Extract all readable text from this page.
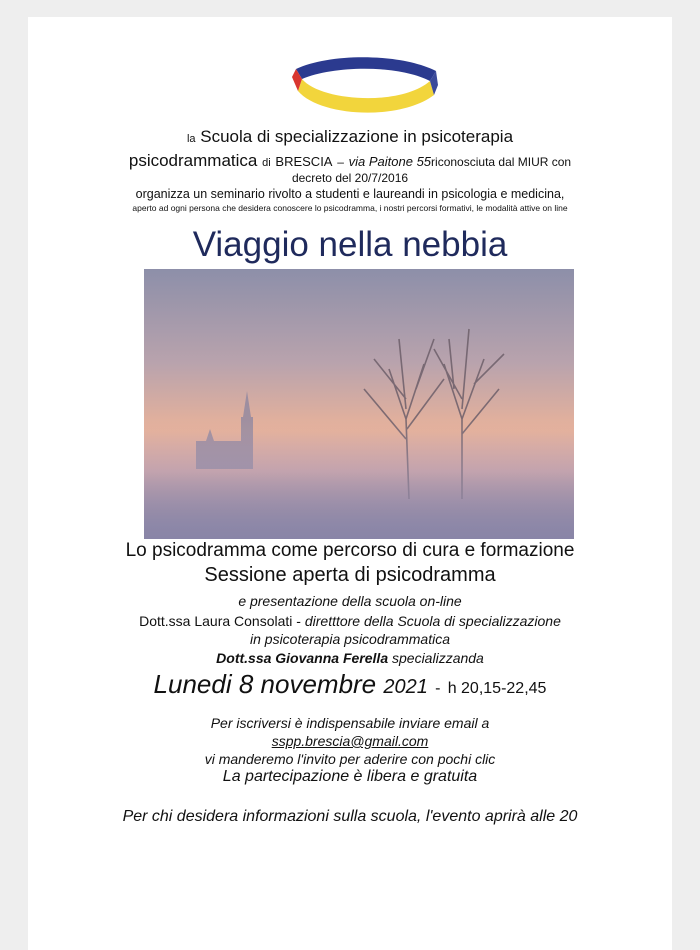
la Scuola di specializzazione in psicoterapia
psicodrammatica di BRESCIA – via Paitone 55riconosciuta dal MIUR con
decreto del 20/7/2016
organizza un seminario rivolto a studenti e laureandi in psicologia e medicina,
aperto ad ogni persona che desidera conoscere lo psicodramma, i nostri percorsi formativi, le modalità attive on line
Viaggio nella nebbia
Lo psicodramma come percorso di cura e formazione
Sessione aperta di psicodramma
e presentazione della scuola on-line
Dott.ssa Laura Consolati - diretttore della Scuola di specializzazione
in psicoterapia psicodrammatica
Dott.ssa Giovanna Ferella specializzanda
Lunedi 8 novembre 2021 - h 20,15-22,45
Per iscriversi è indispensabile inviare email a
sspp.brescia@gmail.com
vi manderemo l'invito per aderire con pochi clic
La partecipazione è libera e gratuita
Per chi desidera informazioni sulla scuola, l'evento aprirà alle 20
